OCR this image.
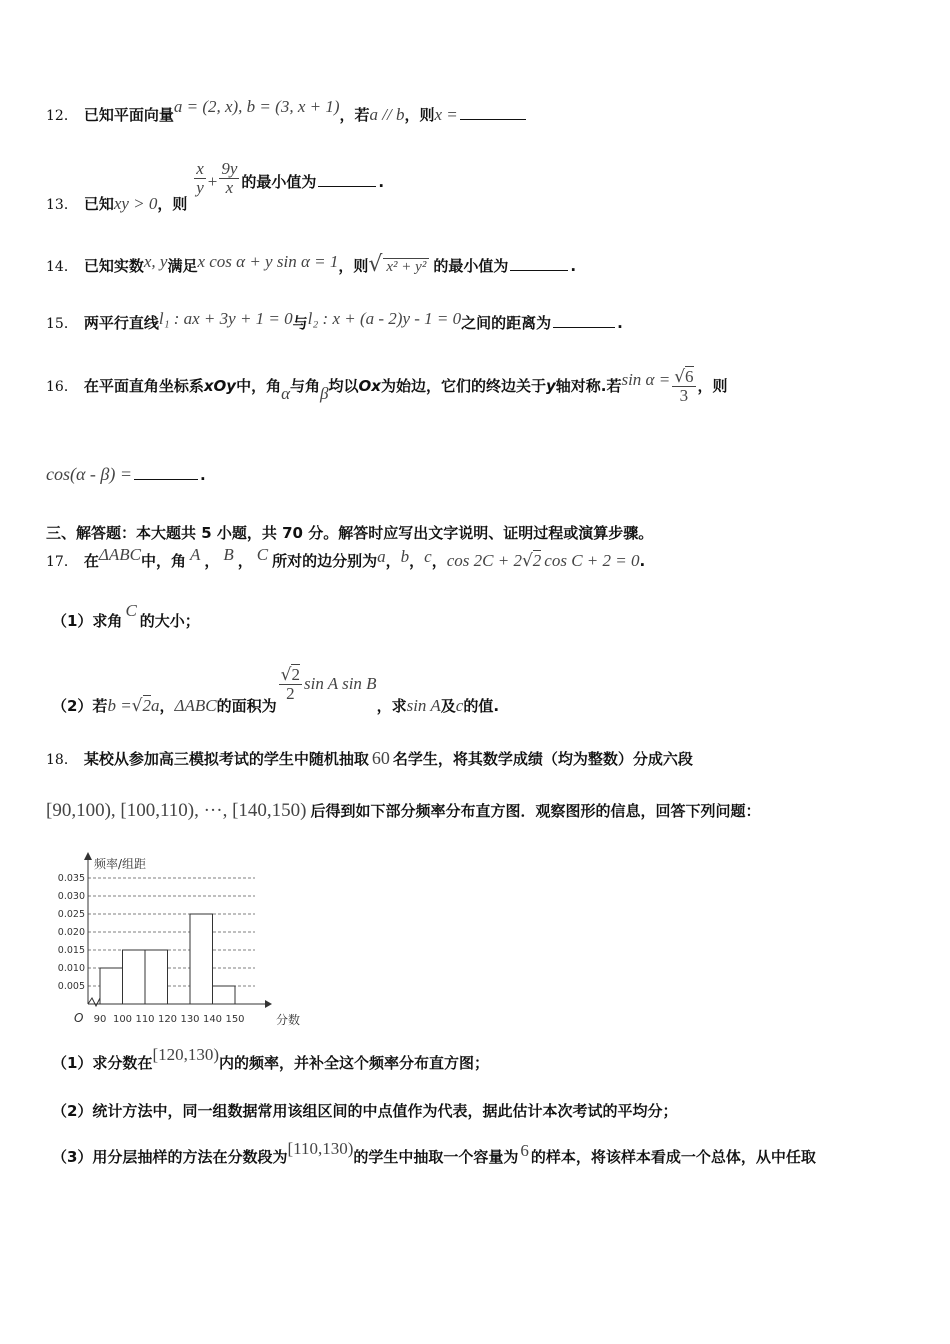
12． 已知平面向量a = (2, x), b = (3, x + 1)，若a // b，则x =
13． 已知xy > 0，则
$\frac{x}{y} + \frac{9y}{x}$ 的最小值为	.
14． 已知实数x, y满足x cos α + y sin α = 1，则√ x² + y² 的最小值为	.
15． 两平行直线l₁ : ax + 3y + 1 = 0与l₂ : x + (a - 2)y - 1 = 0之间的距离为	.
16． 在平面直角坐标系xOy中，角α与角β均以Ox为始边，它们的终边关于y轴对称.若$\sin \alpha = \frac{√6}{3}$ ，则
cos(α - β) =	.
三、解答题：本大题共 5 小题，共 70 分。解答时应写出文字说明、证明过程或演算步骤。
17． 在ΔABC中，角 A ， B ， C 所对的边分别为a，b，c，cos 2C + 2√2 cos C + 2 = 0.
（1）求角C的大小；
（2）若b =√2a，ΔABC的面积为
$\frac{√2}{2}$ sin A sin B，求sin A及c的值.
18． 某校从参加高三模拟考试的学生中随机抽取 60 名学生，将其数学成绩（均为整数）分成六段
[90,100), [100,110), ···, [140,150) 后得到如下部分频率分布直方图．观察图形的信息，回答下列问题：
0.005
0.010
0.015
0.020
0.025
0.030
0.035
90 100 110 120 130 140 150
频率/组距
分数
O
（1）求分数在[120,130)内的频率，并补全这个频率分布直方图；
（2）统计方法中，同一组数据常用该组区间的中点值作为代表，据此估计本次考试的平均分；
（3）用分层抽样的方法在分数段为[110,130)的学生中抽取一个容量为 6 的样本，将该样本看成一个总体，从中任取
